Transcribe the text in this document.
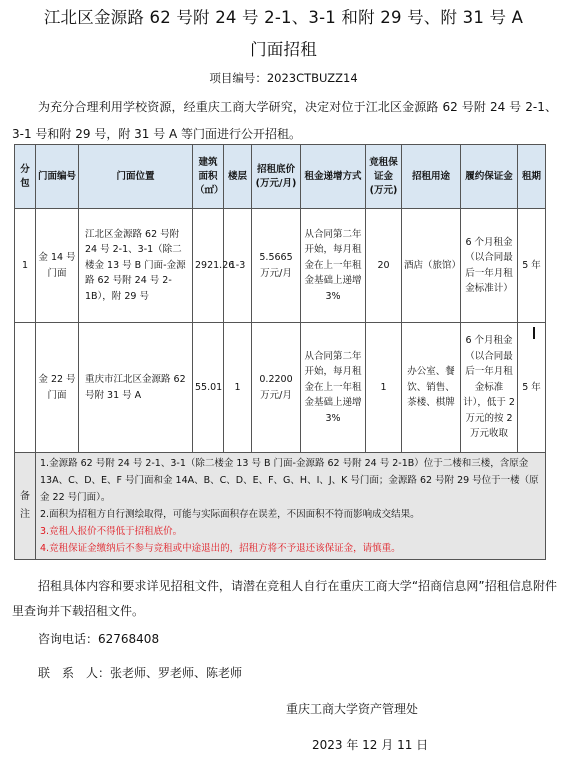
江北区金源路 62 号附 24 号 2-1、3-1 和附 29 号、附 31 号 A
门面招租
项目编号：2023CTBUZZ14
为充分合理利用学校资源，经重庆工商大学研究，决定对位于江北区金源路 62 号附 24 号 2-1、3-1 号和附 29 号，附 31 号 A 等门面进行公开招租。
分包	门面编号	门面位置	建筑面积（㎡）	楼层	招租底价(万元/月)	租金递增方式	竞租保证金(万元)	招租用途	履约保证金	租期
1	金 14 号门面	江北区金源路 62 号附 24 号 2-1、3-1（除二楼金 13 号 B 门面-金源路 62 号附 24 号 2-1B），附 29 号	2921.26	1-3	5.5665 万元/月	从合同第二年开始，每月租金在上一年租金基础上递增 3%	20	酒店（旅馆）	6 个月租金（以合同最后一年月租金标准计）	5 年
	金 22 号门面	重庆市江北区金源路 62 号附 31 号 A	55.01	1	0.2200 万元/月	从合同第二年开始，每月租金在上一年租金基础上递增 3%	1	办公室、餐饮、销售、茶楼、棋牌	6 个月租金（以合同最后一年月租金标准计），低于 2 万元的按 2 万元收取	5 年
备注	1.金源路 62 号附 24 号 2-1、3-1（除二楼金 13 号 B 门面-金源路 62 号附 24 号 2-1B）位于二楼和三楼，含原金 13A、C、D、E、F 号门面和金 14A、B、C、D、E、F、G、H、I、J、K 号门面；金源路 62 号附 29 号位于一楼（原金 22 号门面）。
2.面积为招租方自行测绘取得，可能与实际面积存在误差，不因面积不符而影响成交结果。
3.竞租人报价不得低于招租底价。
4.竞租保证金缴纳后不参与竞租或中途退出的，招租方将不予退还该保证金，请慎重。									
招租具体内容和要求详见招租文件，请潜在竞租人自行在重庆工商大学“招商信息网”招租信息附件里查询并下载招租文件。
咨询电话：62768408
联　系　人：张老师、罗老师、陈老师
重庆工商大学资产管理处
2023 年 12 月 11 日
